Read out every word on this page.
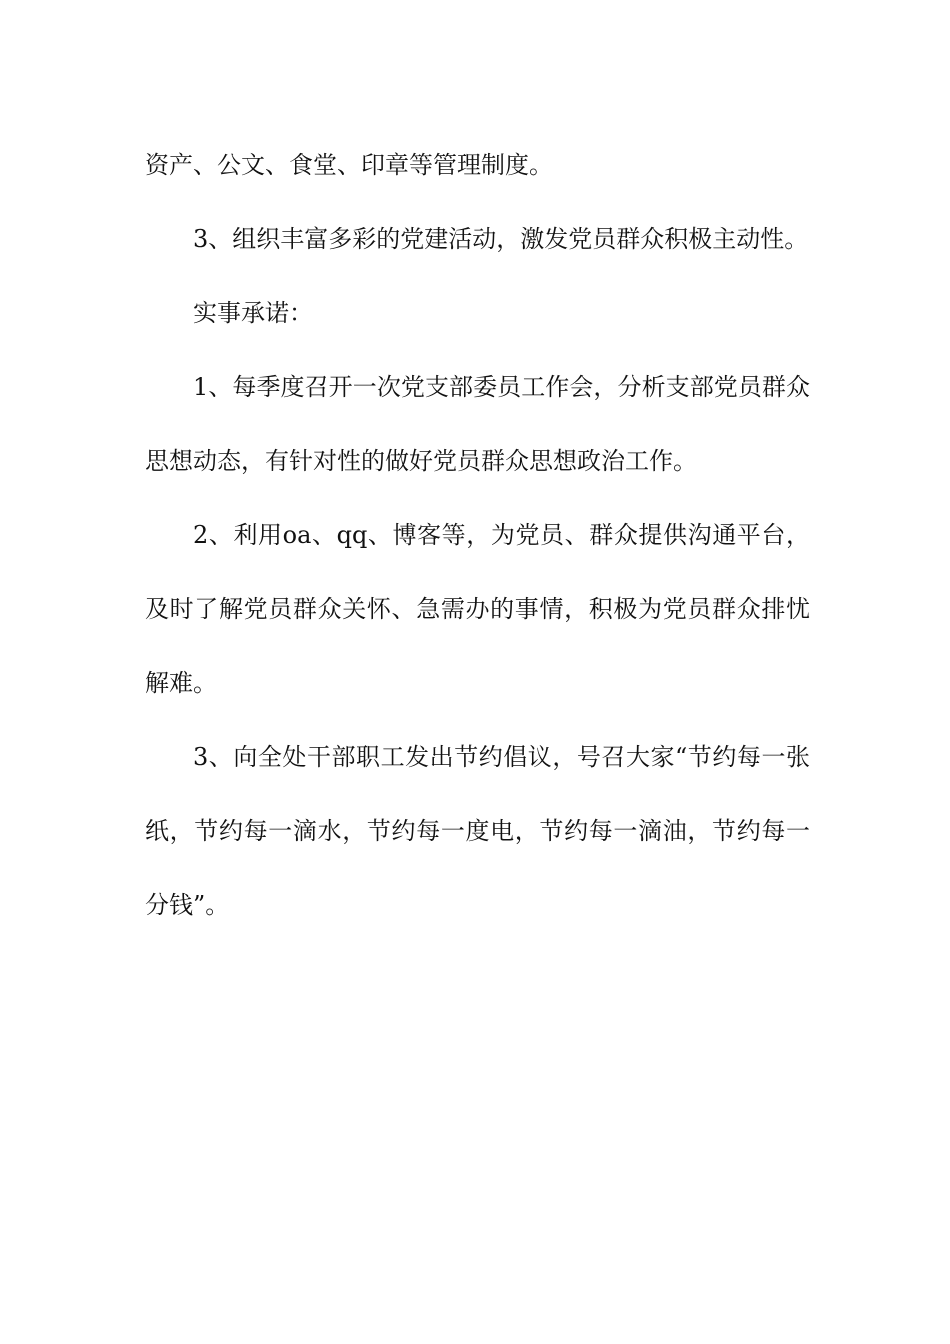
资产、公文、食堂、印章等管理制度。

3、组织丰富多彩的党建活动，激发党员群众积极主动性。

实事承诺：

1、每季度召开一次党支部委员工作会，分析支部党员群众思想动态，有针对性的做好党员群众思想政治工作。

2、利用oa、qq、博客等，为党员、群众提供沟通平台，及时了解党员群众关怀、急需办的事情，积极为党员群众排忧解难。

3、向全处干部职工发出节约倡议，号召大家“节约每一张纸，节约每一滴水，节约每一度电，节约每一滴油，节约每一分钱”。
